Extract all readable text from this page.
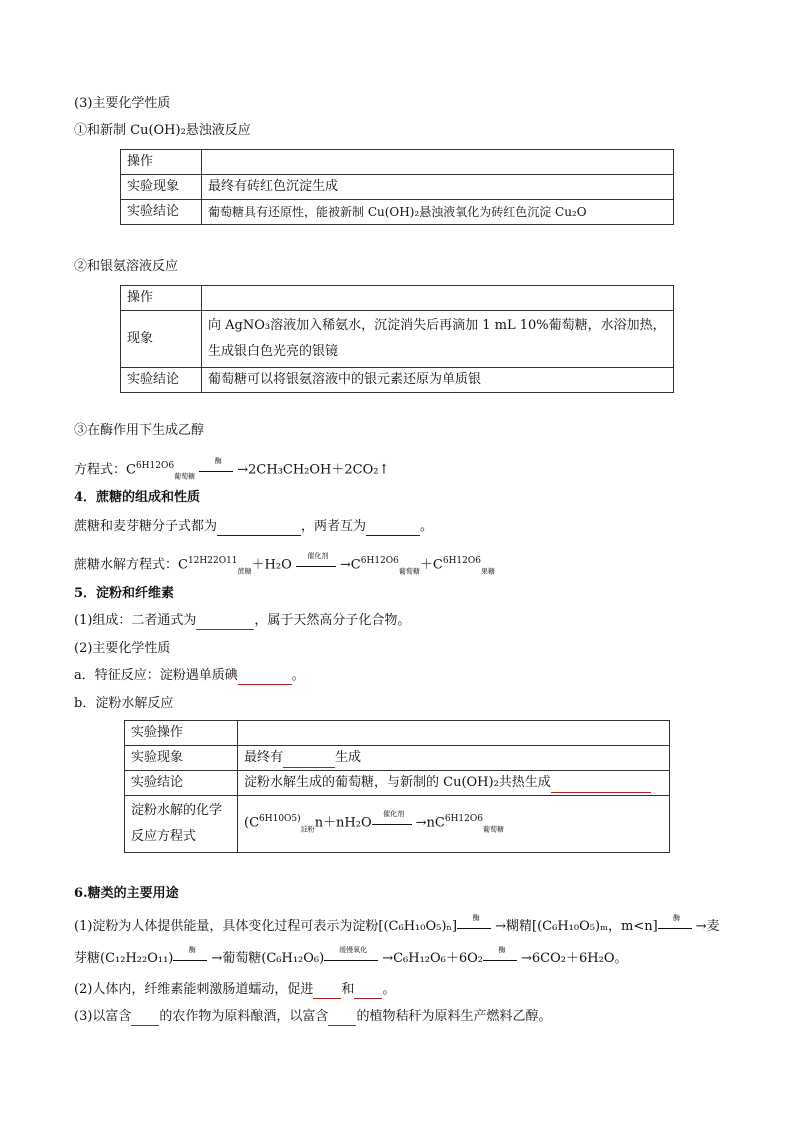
(3)主要化学性质
①和新制 Cu(OH)₂悬浊液反应
操作	
实验现象	最终有砖红色沉淀生成
实验结论	葡萄糖具有还原性，能被新制 Cu(OH)₂悬浊液氧化为砖红色沉淀 Cu₂O
②和银氨溶液反应
操作	
现象	向 AgNO₃溶液加入稀氨水，沉淀消失后再滴加 1 mL 10%葡萄糖，水浴加热，生成银白色光亮的银镜
实验结论	葡萄糖可以将银氨溶液中的银元素还原为单质银
③在酶作用下生成乙醇
方程式：$C^{6H12O6}_{葡萄糖}$
酶
→2CH₃CH₂OH＋2CO₂↑
4．蔗糖的组成和性质
蔗糖和麦芽糖分子式都为	，两者互为	。
蔗糖水解方程式：$C^{12H22O11}_{蔗糖}+H_2O$
催化剂
$\to C^{6H12O6}_{葡萄糖}+C^{6H12O6}_{果糖}$
5．淀粉和纤维素
(1)组成：二者通式为	，属于天然高分子化合物。
(2)主要化学性质
a．特征反应：淀粉遇单质碘	。
b．淀粉水解反应
实验操作	
实验现象	最终有 生成
实验结论	淀粉水解生成的葡萄糖，与新制的 Cu(OH)₂共热生成
淀粉水解的化学反应方程式	($C^{6H10O5)}_{淀粉}n+nH_2O$
催化剂
$\to nC^{6H12O6}_{葡萄糖}$
6.糖类的主要用途
(1)淀粉为人体提供能量，具体变化过程可表示为淀粉[(C₆H₁₀O₅)ₙ]
酶
→糊精[(C₆H₁₀O₅)ₘ，m<n]
酶
→麦
芽糖(C₁₂H₂₂O₁₁)
酶
→葡萄糖(C₆H₁₂O₆)
缓慢氧化
→C₆H₁₂O₆＋6O₂
酶
→6CO₂＋6H₂O。
(2)人体内，纤维素能刺激肠道蠕动，促进 和 。
(3)以富含 的农作物为原料酿酒，以富含 的植物秸秆为原料生产燃料乙醇。
